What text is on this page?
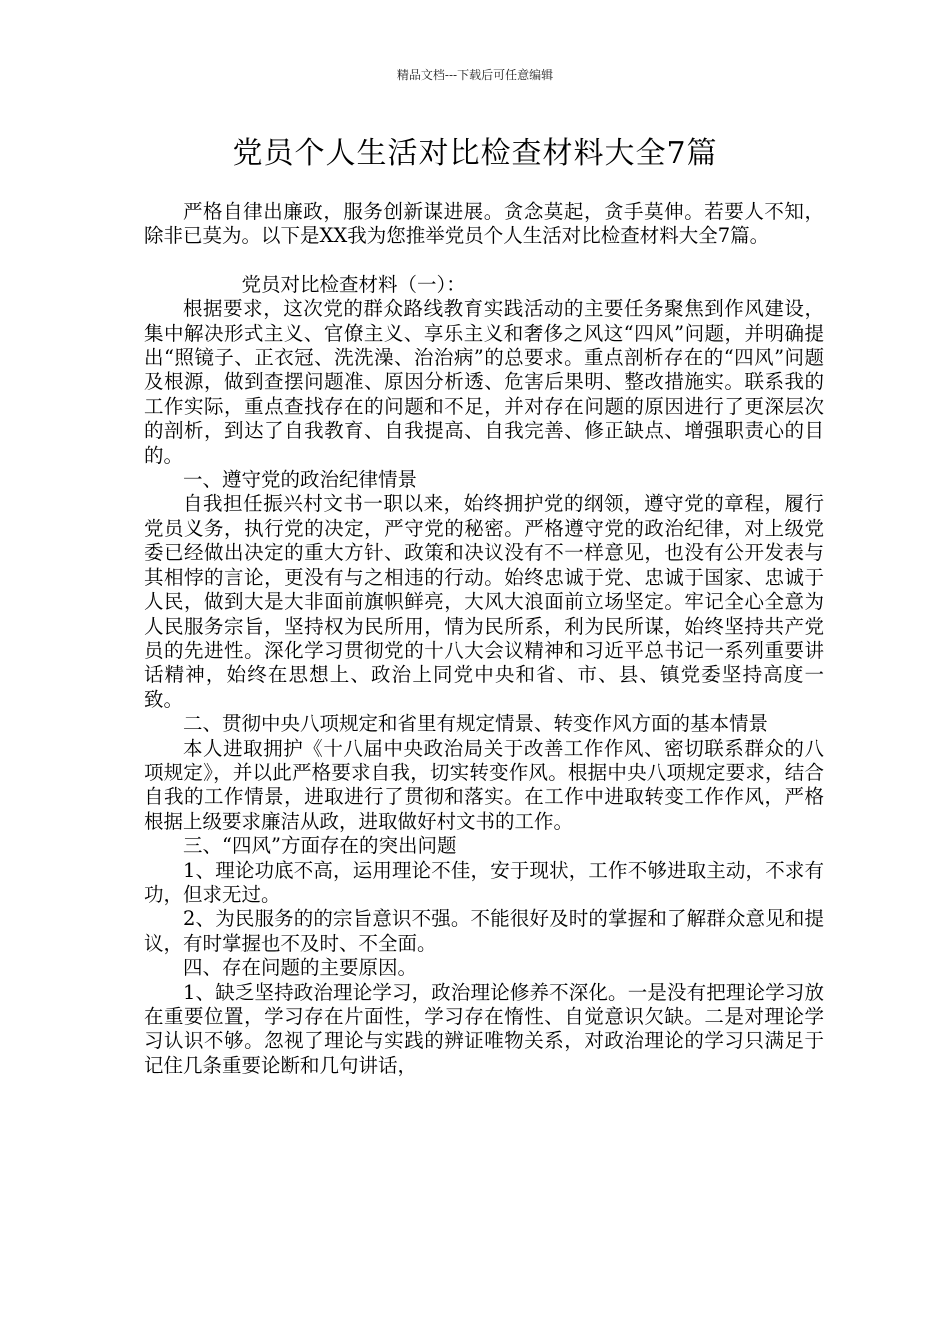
精品文档---下载后可任意编辑
党员个人生活对比检查材料大全7篇

严格自律出廉政，服务创新谋进展。贪念莫起，贪手莫伸。若要人不知，除非已莫为。以下是XX我为您推举党员个人生活对比检查材料大全7篇。

党员对比检查材料（一）：

根据要求，这次党的群众路线教育实践活动的主要任务聚焦到作风建设，集中解决形式主义、官僚主义、享乐主义和奢侈之风这“四风”问题，并明确提出“照镜子、正衣冠、洗洗澡、治治病”的总要求。重点剖析存在的“四风”问题及根源，做到查摆问题准、原因分析透、危害后果明、整改措施实。联系我的工作实际，重点查找存在的问题和不足，并对存在问题的原因进行了更深层次的剖析，到达了自我教育、自我提高、自我完善、修正缺点、增强职责心的目的。

一、遵守党的政治纪律情景

自我担任振兴村文书一职以来，始终拥护党的纲领，遵守党的章程，履行党员义务，执行党的决定，严守党的秘密。严格遵守党的政治纪律，对上级党委已经做出决定的重大方针、政策和决议没有不一样意见，也没有公开发表与其相悖的言论，更没有与之相违的行动。始终忠诚于党、忠诚于国家、忠诚于人民，做到大是大非面前旗帜鲜亮，大风大浪面前立场坚定。牢记全心全意为人民服务宗旨，坚持权为民所用，情为民所系，利为民所谋，始终坚持共产党员的先进性。深化学习贯彻党的十八大会议精神和习近平总书记一系列重要讲话精神，始终在思想上、政治上同党中央和省、市、县、镇党委坚持高度一致。

二、贯彻中央八项规定和省里有规定情景、转变作风方面的基本情景

本人进取拥护《十八届中央政治局关于改善工作作风、密切联系群众的八项规定》，并以此严格要求自我，切实转变作风。根据中央八项规定要求，结合自我的工作情景，进取进行了贯彻和落实。在工作中进取转变工作作风，严格根据上级要求廉洁从政，进取做好村文书的工作。

三、“四风”方面存在的突出问题

1、理论功底不高，运用理论不佳，安于现状，工作不够进取主动，不求有功，但求无过。

2、为民服务的的宗旨意识不强。不能很好及时的掌握和了解群众意见和提议，有时掌握也不及时、不全面。

四、存在问题的主要原因。

1、缺乏坚持政治理论学习，政治理论修养不深化。一是没有把理论学习放在重要位置，学习存在片面性，学习存在惰性、自觉意识欠缺。二是对理论学习认识不够。忽视了理论与实践的辨证唯物关系，对政治理论的学习只满足于记住几条重要论断和几句讲话，
